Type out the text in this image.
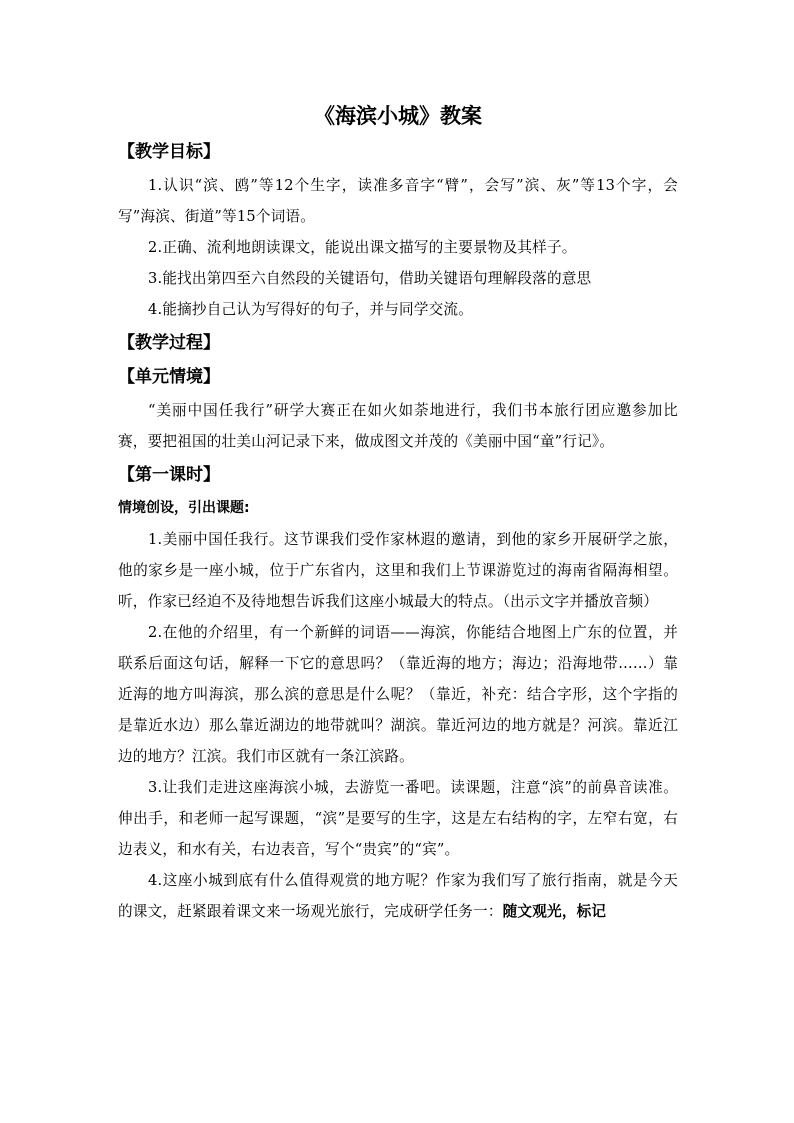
《海滨小城》教案
【教学目标】

1.认识“滨、鸥”等12个生字，读准多音字“臂”，会写”滨、灰”等13个字，会写”海滨、街道”等15个词语。

2.正确、流利地朗读课文，能说出课文描写的主要景物及其样子。

3.能找出第四至六自然段的关键语句，借助关键语句理解段落的意思

4.能摘抄自己认为写得好的句子，并与同学交流。

【教学过程】
【单元情境】

“美丽中国任我行”研学大赛正在如火如荼地进行，我们书本旅行团应邀参加比赛，要把祖国的壮美山河记录下来，做成图文并茂的《美丽中国“童”行记》。

【第一课时】

情境创设，引出课题:

1.美丽中国任我行。这节课我们受作家林遐的邀请，到他的家乡开展研学之旅，他的家乡是一座小城，位于广东省内，这里和我们上节课游览过的海南省隔海相望。听，作家已经迫不及待地想告诉我们这座小城最大的特点。（出示文字并播放音频）

2.在他的介绍里，有一个新鲜的词语——海滨，你能结合地图上广东的位置，并联系后面这句话，解释一下它的意思吗？（靠近海的地方；海边；沿海地带……）靠近海的地方叫海滨，那么滨的意思是什么呢？（靠近，补充：结合字形，这个字指的是靠近水边）那么靠近湖边的地带就叫？湖滨。靠近河边的地方就是？河滨。靠近江边的地方？江滨。我们市区就有一条江滨路。

3.让我们走进这座海滨小城，去游览一番吧。读课题，注意“滨”的前鼻音读准。伸出手，和老师一起写课题，“滨”是要写的生字，这是左右结构的字，左窄右宽，右边表义，和水有关，右边表音，写个“贵宾”的“宾”。

4.这座小城到底有什么值得观赏的地方呢？作家为我们写了旅行指南，就是今天的课文，赶紧跟着课文来一场观光旅行，完成研学任务一：随文观光，标记
